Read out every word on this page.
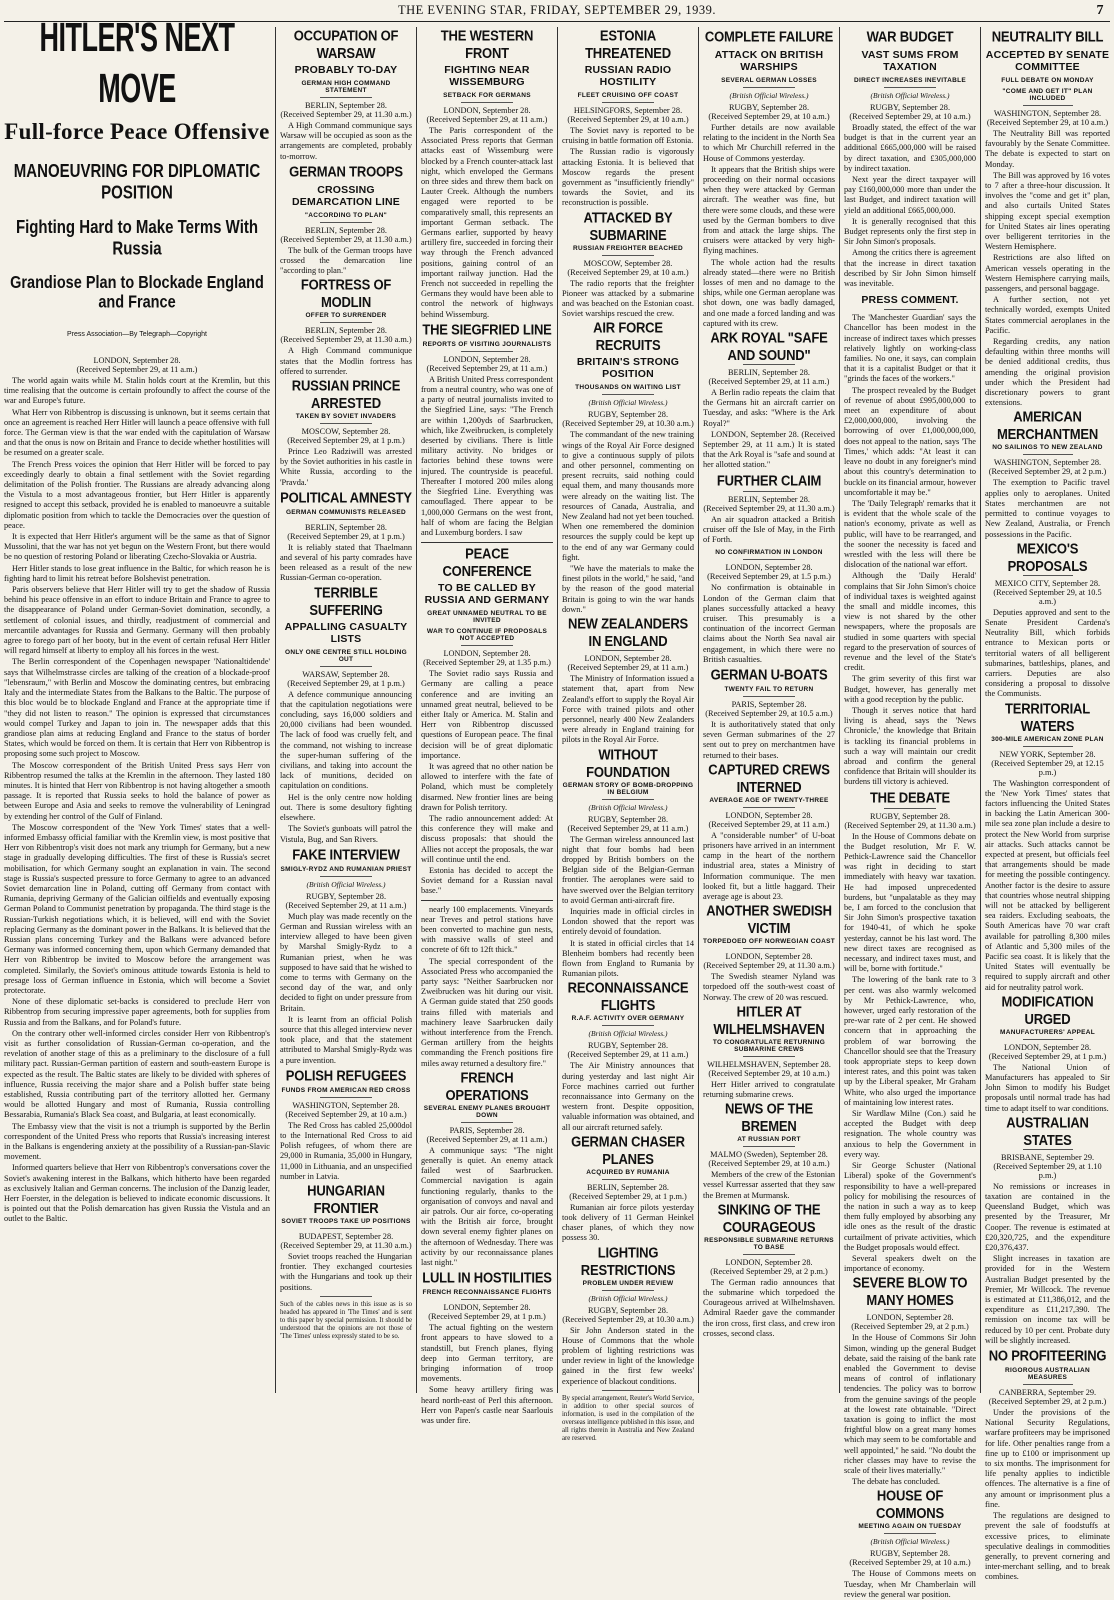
THE EVENING STAR, FRIDAY, SEPTEMBER 29, 1939.	7
HITLER'S NEXT MOVE
Full-force Peace Offensive
MANOEUVRING FOR DIPLOMATIC POSITION
Fighting Hard to Make Terms With Russia
Grandiose Plan to Blockade England and France
Press Association—By Telegraph—Copyright
LONDON, September 28.
(Received September 29, at 11 a.m.)

The world again waits while M. Stalin holds court at the Kremlin, but this time realising that the outcome is certain profoundly to affect the course of the war and Europe's future.

What Herr von Ribbentrop is discussing is unknown, but it seems certain that once an agreement is reached Herr Hitler will launch a peace offensive with full force. The German view is that the war ended with the capitulation of Warsaw and that the onus is now on Britain and France to decide whether hostilities will be resumed on a greater scale.

The French Press voices the opinion that Herr Hitler will be forced to pay exceedingly dearly to obtain a final settlement with the Soviet regarding delimitation of the Polish frontier. The Russians are already advancing along the Vistula to a most advantageous frontier, but Herr Hitler is apparently resigned to accept this setback, provided he is enabled to manoeuvre a suitable diplomatic position from which to tackle the Democracies over the question of peace.

It is expected that Herr Hitler's argument will be the same as that of Signor Mussolini, that the war has not yet begun on the Western Front, but there would be no question of restoring Poland or liberating Czecho-Slovakia or Austria.

Herr Hitler stands to lose great influence in the Baltic, for which reason he is fighting hard to limit his retreat before Bolshevist penetration.

Paris observers believe that Herr Hitler will try to get the shadow of Russia behind his peace offensive in an effort to induce Britain and France to agree to the disappearance of Poland under German-Soviet domination, secondly, a settlement of colonial issues, and thirdly, readjustment of commercial and mercantile advantages for Russia and Germany. Germany will then probably agree to forego part of her booty, but in the event of certain refusal Herr Hitler will regard himself at liberty to employ all his forces in the west.

The Berlin correspondent of the Copenhagen newspaper 'Nationaltidende' says that Wilhelmstrasse circles are talking of the creation of a blockade-proof "lebensraum," with Berlin and Moscow the dominating centres, but embracing Italy and the intermediate States from the Balkans to the Baltic. The purpose of this bloc would be to blockade England and France at the appropriate time if "they did not listen to reason." The opinion is expressed that circumstances would compel Turkey and Japan to join in. The newspaper adds that this grandiose plan aims at reducing England and France to the status of border States, which would be forced on them. It is certain that Herr von Ribbentrop is proposing some such project to Moscow.

The Moscow correspondent of the British United Press says Herr von Ribbentrop resumed the talks at the Kremlin in the afternoon. They lasted 180 minutes. It is hinted that Herr von Ribbentrop is not having altogether a smooth passage. It is reported that Russia seeks to hold the balance of power as between Europe and Asia and seeks to remove the vulnerability of Leningrad by extending her control of the Gulf of Finland.

The Moscow correspondent of the 'New York Times' states that a well-informed Embassy official familiar with the Kremlin view, is most positive that Herr von Ribbentrop's visit does not mark any triumph for Germany, but a new stage in gradually developing difficulties. The first of these is Russia's secret mobilisation, for which Germany sought an explanation in vain. The second stage is Russia's suspected pressure to force Germany to agree to an advanced Soviet demarcation line in Poland, cutting off Germany from contact with Rumania, depriving Germany of the Galician oilfields and eventually exposing German Poland to Communist penetration by propaganda. The third stage is the Russian-Turkish negotiations which, it is believed, will end with the Soviet replacing Germany as the dominant power in the Balkans. It is believed that the Russian plans concerning Turkey and the Balkans were advanced before Germany was informed concerning them, upon which Germany demanded that Herr von Ribbentrop be invited to Moscow before the arrangement was completed. Similarly, the Soviet's ominous attitude towards Estonia is held to presage loss of German influence in Estonia, which will become a Soviet protectorate.

None of these diplomatic set-backs is considered to preclude Herr von Ribbentrop from securing impressive paper agreements, both for supplies from Russia and from the Balkans, and for Poland's future.

On the contrary other well-informed circles consider Herr von Ribbentrop's visit as further consolidation of Russian-German co-operation, and the revelation of another stage of this as a preliminary to the disclosure of a full military pact. Russian-German partition of eastern and south-eastern Europe is expected as the result. The Baltic states are likely to be divided with spheres of influence, Russia receiving the major share and a Polish buffer state being established, Russia contributing part of the territory allotted her. Germany would be allotted Hungary and most of Rumania, Russia controlling Bessarabia, Rumania's Black Sea coast, and Bulgaria, at least economically.

The Embassy view that the visit is not a triumph is supported by the Berlin correspondent of the United Press who reports that Russia's increasing interest in the Balkans is engendering anxiety at the possibility of a Russian-pan-Slavic movement.

Informed quarters believe that Herr von Ribbentrop's conversations cover the Soviet's awakening interest in the Balkans, which hitherto have been regarded as exclusively Italian and German concerns. The inclusion of the Danzig leader, Herr Foerster, in the delegation is believed to indicate economic discussions. It is pointed out that the Polish demarcation has given Russia the Vistula and an outlet to the Baltic.

OCCUPATION OF WARSAW
PROBABLY TO-DAY
GERMAN HIGH COMMAND STATEMENT
BERLIN, September 28.
(Received September 29, at 11.30 a.m.)

A High Command communique says Warsaw will be occupied as soon as the arrangements are completed, probably to-morrow.

GERMAN TROOPS
CROSSING DEMARCATION LINE
"ACCORDING TO PLAN"
BERLIN, September 28.
(Received September 29, at 11.30 a.m.)

The bulk of the German troops have crossed the demarcation line "according to plan."

FORTRESS OF MODLIN
OFFER TO SURRENDER
BERLIN, September 28.
(Received September 29, at 11.30 a.m.)

A High Command communique states that the Modlin fortress has offered to surrender.

RUSSIAN PRINCE ARRESTED
TAKEN BY SOVIET INVADERS
MOSCOW, September 28.
(Received September 29, at 1 p.m.)

Prince Leo Radziwill was arrested by the Soviet authorities in his castle in White Russia, according to the 'Pravda.'

POLITICAL AMNESTY
GERMAN COMMUNISTS RELEASED
BERLIN, September 28.
(Received September 29, at 1 p.m.)

It is reliably stated that Thaelmann and several of his party comrades have been released as a result of the new Russian-German co-operation.

TERRIBLE SUFFERING
APPALLING CASUALTY LISTS
ONLY ONE CENTRE STILL HOLDING OUT
WARSAW, September 28.
(Received September 29, at 1 p.m.)

A defence communique announcing that the capitulation negotiations were concluding, says 16,000 soldiers and 20,000 civilians had been wounded. The lack of food was cruelly felt, and the command, not wishing to increase the super-human suffering of the civilians, and taking into account the lack of munitions, decided on capitulation on conditions.

Hel is the only centre now holding out. There is some desultory fighting elsewhere.

The Soviet's gunboats will patrol the Vistula, Bug, and San Rivers.

FAKE INTERVIEW
SMIGLY-RYDZ AND RUMANIAN PRIEST
(British Official Wireless.)
RUGBY, September 28.
(Received September 29, at 11 a.m.)

Much play was made recently on the German and Russian wireless with an interview alleged to have been given by Marshal Smigly-Rydz to a Rumanian priest, when he was supposed to have said that he wished to come to terms with Germany on the second day of the war, and only decided to fight on under pressure from Britain.

It is learnt from an official Polish source that this alleged interview never took place, and that the statement attributed to Marshal Smigly-Rydz was a pure invention.

POLISH REFUGEES
FUNDS FROM AMERICAN RED CROSS
WASHINGTON, September 28.
(Received September 29, at 10 a.m.)

The Red Cross has cabled 25,000dol to the International Red Cross to aid Polish refugees, of whom there are 29,000 in Rumania, 35,000 in Hungary, 11,000 in Lithuania, and an unspecified number in Latvia.

HUNGARIAN FRONTIER
SOVIET TROOPS TAKE UP POSITIONS
BUDAPEST, September 28.
(Received September 29, at 11.30 a.m.)

Soviet troops reached the Hungarian frontier. They exchanged courtesies with the Hungarians and took up their positions.

Such of the cables news in this issue as is so headed has appeared in 'The Times' and is sent to this paper by special permission. It should be understood that the opinions are not those of 'The Times' unless expressly stated to be so.
THE WESTERN FRONT
FIGHTING NEAR WISSEMBURG
SETBACK FOR GERMANS
LONDON, September 28.
(Received September 29, at 11 a.m.)

The Paris correspondent of the Associated Press reports that German attacks east of Wissemburg were blocked by a French counter-attack last night, which enveloped the Germans on three sides and threw them back on Lauter Creek. Although the numbers engaged were reported to be comparatively small, this represents an important German setback. The Germans earlier, supported by heavy artillery fire, succeeded in forcing their way through the French advanced positions, gaining control of an important railway junction. Had the French not succeeded in repelling the Germans they would have been able to control the network of highways behind Wissemburg.

THE SIEGFRIED LINE
REPORTS OF VISITING JOURNALISTS
LONDON, September 28.
(Received September 29, at 11 a.m.)

A British United Press correspondent from a neutral country, who was one of a party of neutral journalists invited to the Siegfried Line, says: "The French are within 1,200yds of Saarbrucken, which, like Zweibrucken, is completely deserted by civilians. There is little military activity. No bridges or factories behind these towns were injured. The countryside is peaceful. Thereafter I motored 200 miles along the Siegfried Line. Everything was camouflaged. There appear to be 1,000,000 Germans on the west front, half of whom are facing the Belgian and Luxemburg borders. I saw

PEACE CONFERENCE
TO BE CALLED BY RUSSIA AND GERMANY
GREAT UNNAMED NEUTRAL TO BE INVITED
WAR TO CONTINUE IF PROPOSALS NOT ACCEPTED
LONDON, September 28.
(Received September 29, at 1.35 p.m.)

The Soviet radio says Russia and Germany are calling a peace conference and are inviting an unnamed great neutral, believed to be either Italy or America. M. Stalin and Herr von Ribbentrop discussed questions of European peace. The final decision will be of great diplomatic importance.

It was agreed that no other nation be allowed to interfere with the fate of Poland, which must be completely disarmed. New frontier lines are being drawn for Polish territory.

The radio announcement added: At this conference they will make and discuss proposals: that should the Allies not accept the proposals, the war will continue until the end.

Estonia has decided to accept the Soviet demand for a Russian naval base."

nearly 100 emplacements. Vineyards near Treves and petrol stations have been converted to machine gun nests, with massive walls of steel and concrete of 6ft to 12ft thick."

The special correspondent of the Associated Press who accompanied the party says: "Neither Saarbrucken nor Zweibrucken was hit during our visit. A German guide stated that 250 goods trains filled with materials and machinery leave Saarbrucken daily without interference from the French. German artillery from the heights commanding the French positions fire miles away returned a desultory fire."

FRENCH OPERATIONS
SEVERAL ENEMY PLANES BROUGHT DOWN
PARIS, September 28.
(Received September 29, at 11 a.m.)

A communique says: "The night generally is quiet. An enemy attack failed west of Saarbrucken. Commercial navigation is again functioning regularly, thanks to the organisation of convoys and naval and air patrols. Our air force, co-operating with the British air force, brought down several enemy fighter planes on the afternoon of Wednesday. There was activity by our reconnaissance planes last night."

LULL IN HOSTILITIES
FRENCH RECONNAISSANCE FLIGHTS
LONDON, September 28.
(Received September 29, at 1 p.m.)

The actual fighting on the western front appears to have slowed to a standstill, but French planes, flying deep into German territory, are bringing information of troop movements.

Some heavy artillery firing was heard north-east of Perl this afternoon. Herr von Papen's castle near Saarlouis was under fire.

ESTONIA THREATENED
RUSSIAN RADIO HOSTILITY
FLEET CRUISING OFF COAST
HELSINGFORS, September 28.
(Received September 29, at 10 a.m.)

The Soviet navy is reported to be cruising in battle formation off Estonia.

The Russian radio is vigorously attacking Estonia. It is believed that Moscow regards the present government as "insufficiently friendly" towards the Soviet, and its reconstruction is possible.

ATTACKED BY SUBMARINE
RUSSIAN FREIGHTER BEACHED
MOSCOW, September 28.
(Received September 29, at 10 a.m.)

The radio reports that the freighter Pioneer was attacked by a submarine and was beached on the Estonian coast. Soviet warships rescued the crew.

AIR FORCE RECRUITS
BRITAIN'S STRONG POSITION
THOUSANDS ON WAITING LIST
(British Official Wireless.)
RUGBY, September 28.
(Received September 29, at 10.30 a.m.)

The commandant of the new training wings of the Royal Air Force designed to give a continuous supply of pilots and other personnel, commenting on present recruits, said nothing could equal them, and many thousands more were already on the waiting list. The resources of Canada, Australia, and New Zealand had not yet been touched. When one remembered the dominion resources the supply could be kept up to the end of any war Germany could fight.

"We have the materials to make the finest pilots in the world," he said, "and by the reason of the good material Britain is going to win the war hands down."

NEW ZEALANDERS IN ENGLAND
LONDON, September 28.
(Received September 29, at 11 a.m.)

The Ministry of Information issued a statement that, apart from New Zealand's effort to supply the Royal Air Force with trained pilots and other personnel, nearly 400 New Zealanders were already in England training for pilots in the Royal Air Force.

WITHOUT FOUNDATION
GERMAN STORY OF BOMB-DROPPING IN BELGIUM
(British Official Wireless.)
RUGBY, September 28.
(Received September 29, at 11 a.m.)

The German wireless announced last night that four bombs had been dropped by British bombers on the Belgian side of the Belgian-German frontier. The aeroplanes were said to have swerved over the Belgian territory to avoid German anti-aircraft fire.

Inquiries made in official circles in London showed that the report was entirely devoid of foundation.

It is stated in official circles that 14 Blenheim bombers had recently been flown from England to Rumania by Rumanian pilots.

RECONNAISSANCE FLIGHTS
R.A.F. ACTIVITY OVER GERMANY
(British Official Wireless.)
RUGBY, September 28.
(Received September 29, at 11 a.m.)

The Air Ministry announces that during yesterday and last night Air Force machines carried out further reconnaissance into Germany on the western front. Despite opposition, valuable information was obtained, and all our aircraft returned safely.

GERMAN CHASER PLANES
ACQUIRED BY RUMANIA
BERLIN, September 28.
(Received September 29, at 1 p.m.)

Rumanian air force pilots yesterday took delivery of 11 German Heinkel chaser planes, of which they now possess 30.

LIGHTING RESTRICTIONS
PROBLEM UNDER REVIEW
(British Official Wireless.)
RUGBY, September 28.
(Received September 29, at 10.30 a.m.)

Sir John Anderson stated in the House of Commons that the whole problem of lighting restrictions was under review in light of the knowledge gained in the first few weeks' experience of blackout conditions.

By special arrangement, Reuter's World Service, in addition to other special sources of information, is used in the compilation of the overseas intelligence published in this issue, and all rights therein in Australia and New Zealand are reserved.
COMPLETE FAILURE
ATTACK ON BRITISH WARSHIPS
SEVERAL GERMAN LOSSES
(British Official Wireless.)
RUGBY, September 28.
(Received September 29, at 10 a.m.)

Further details are now available relating to the incident in the North Sea to which Mr Churchill referred in the House of Commons yesterday.

It appears that the British ships were proceeding on their normal occasions when they were attacked by German aircraft. The weather was fine, but there were some clouds, and these were used by the German bombers to dive from and attack the large ships. The cruisers were attacked by very high-flying machines.

The whole action had the results already stated—there were no British losses of men and no damage to the ships, while one German aeroplane was shot down, one was badly damaged, and one made a forced landing and was captured with its crew.

ARK ROYAL "SAFE AND SOUND"
BERLIN, September 28.
(Received September 29, at 11 a.m.)

A Berlin radio repeats the claim that the Germans hit an aircraft carrier on Tuesday, and asks: "Where is the Ark Royal?"

LONDON, September 28. (Received September 29, at 11 a.m.) It is stated that the Ark Royal is "safe and sound at her allotted station."

FURTHER CLAIM
BERLIN, September 28.
(Received September 29, at 11.30 a.m.)

An air squadron attacked a British cruiser off the Isle of May, in the Firth of Forth.

NO CONFIRMATION IN LONDON
LONDON, September 28.
(Received September 29, at 1.5 p.m.)

No confirmation is obtainable in London of the German claim that planes successfully attacked a heavy cruiser. This presumably is a continuation of the incorrect German claims about the North Sea naval air engagement, in which there were no British casualties.

GERMAN U-BOATS
TWENTY FAIL TO RETURN
PARIS, September 28.
(Received September 29, at 10.5 a.m.)

It is authoritatively stated that only seven German submarines of the 27 sent out to prey on merchantmen have returned to their bases.

CAPTURED CREWS INTERNED
AVERAGE AGE OF TWENTY-THREE
LONDON, September 28.
(Received September 29, at 11 a.m.)

A "considerable number" of U-boat prisoners have arrived in an internment camp in the heart of the northern industrial area, states a Ministry of Information communique. The men looked fit, but a little haggard. Their average age is about 23.

ANOTHER SWEDISH VICTIM
TORPEDOED OFF NORWEGIAN COAST
LONDON, September 28.
(Received September 29, at 11.30 a.m.)

The Swedish steamer Nyland was torpedoed off the south-west coast of Norway. The crew of 20 was rescued.

HITLER AT WILHELMSHAVEN
TO CONGRATULATE RETURNING SUBMARINE CREWS
WILHELMSHAVEN, September 28.
(Received September 29, at 10 a.m.)

Herr Hitler arrived to congratulate returning submarine crews.

NEWS OF THE BREMEN
AT RUSSIAN PORT
MALMO (Sweden), September 28.
(Received September 29, at 10 a.m.)

Members of the crew of the Estonian vessel Kurressar asserted that they saw the Bremen at Murmansk.

SINKING OF THE COURAGEOUS
RESPONSIBLE SUBMARINE RETURNS TO BASE
LONDON, September 28.
(Received September 29, at 2 p.m.)

The German radio announces that the submarine which torpedoed the Courageous arrived at Wilhelmshaven. Admiral Raeder gave the commander the iron cross, first class, and crew iron crosses, second class.

WAR BUDGET
VAST SUMS FROM TAXATION
DIRECT INCREASES INEVITABLE
(British Official Wireless.)
RUGBY, September 28.
(Received September 29, at 10 a.m.)

Broadly stated, the effect of the war budget is that in the current year an additional £665,000,000 will be raised by direct taxation, and £305,000,000 by indirect taxation.

Next year the direct taxpayer will pay £160,000,000 more than under the last Budget, and indirect taxation will yield an additional £665,000,000.

It is generally recognised that this Budget represents only the first step in Sir John Simon's proposals.

Among the critics there is agreement that the increase in direct taxation described by Sir John Simon himself was inevitable.

PRESS COMMENT.

The 'Manchester Guardian' says the Chancellor has been modest in the increase of indirect taxes which presses relatively lightly on working-class families. No one, it says, can complain that it is a capitalist Budget or that it "grinds the faces of the workers."

The prospect revealed by the Budget of revenue of about £995,000,000 to meet an expenditure of about £2,000,000,000, involving the borrowing of over £1,000,000,000, does not appeal to the nation, says 'The Times,' which adds: "At least it can leave no doubt in any foreigner's mind about this country's determination to buckle on its financial armour, however uncomfortable it may be."

The 'Daily Telegraph' remarks that it is evident that the whole scale of the nation's economy, private as well as public, will have to be rearranged, and the sooner the necessity is faced and wrestled with the less will there be dislocation of the national war effort.

Although the 'Daily Herald' complains that Sir John Simon's choice of individual taxes is weighted against the small and middle incomes, this view is not shared by the other newspapers, where the proposals are studied in some quarters with special regard to the preservation of sources of revenue and the level of the State's credit.

The grim severity of this first war Budget, however, has generally met with a good reception by the public.

Though it serves notice that hard living is ahead, says the 'News Chronicle,' the knowledge that Britain is tackling its financial problems in such a way will maintain our credit abroad and confirm the general confidence that Britain will shoulder its burdens till victory is achieved.

THE DEBATE
RUGBY, September 28.
(Received September 29, at 11.30 a.m.)

In the House of Commons debate on the Budget resolution, Mr F. W. Pethick-Lawrence said the Chancellor was right in deciding to start immediately with heavy war taxation. He had imposed unprecedented burdens, but "unpalatable as they may be, I am forced to the conclusion that Sir John Simon's prospective taxation for 1940-41, of which he spoke yesterday, cannot be his last word. The new direct taxes are recognised as necessary, and indirect taxes must, and will be, borne with fortitude."

The lowering of the bank rate to 3 per cent. was also warmly welcomed by Mr Pethick-Lawrence, who, however, urged early restoration of the pre-war rate of 2 per cent. He showed concern that in approaching the problem of war borrowing the Chancellor should see that the Treasury took appropriate steps to keep down interest rates, and this point was taken up by the Liberal speaker, Mr Graham White, who also urged the importance of maintaining low interest rates.

Sir Wardlaw Milne (Con.) said he accepted the Budget with deep resignation. The whole country was anxious to help the Government in every way.

Sir George Schuster (National Liberal) spoke of the Government's responsibility to have a well-prepared policy for mobilising the resources of the nation in such a way as to keep them fully employed by absorbing any idle ones as the result of the drastic curtailment of private activities, which the Budget proposals would effect.

Several speakers dwelt on the importance of economy.

SEVERE BLOW TO MANY HOMES
LONDON, September 28.
(Received September 29, at 2 p.m.)

In the House of Commons Sir John Simon, winding up the general Budget debate, said the raising of the bank rate enabled the Government to devise means of control of inflationary tendencies. The policy was to borrow from the genuine savings of the people at the lowest rate obtainable. "Direct taxation is going to inflict the most frightful blow on a great many homes which may seem to be comfortable and well appointed," he said. "No doubt the richer classes may have to revise the scale of their lives materially."

The debate has concluded.

HOUSE OF COMMONS
MEETING AGAIN ON TUESDAY
(British Official Wireless.)
RUGBY, September 28.
(Received September 29, at 10 a.m.)

The House of Commons meets on Tuesday, when Mr Chamberlain will review the general war position.

NEUTRALITY BILL
ACCEPTED BY SENATE COMMITTEE
FULL DEBATE ON MONDAY
"COME AND GET IT" PLAN INCLUDED
WASHINGTON, September 28.
(Received September 29, at 10 a.m.)

The Neutrality Bill was reported favourably by the Senate Committee. The debate is expected to start on Monday.

The Bill was approved by 16 votes to 7 after a three-hour discussion. It involves the "come and get it" plan, and also curtails United States shipping except special exemption for United States air lines operating over belligerent territories in the Western Hemisphere.

Restrictions are also lifted on American vessels operating in the Western Hemisphere carrying mails, passengers, and personal baggage.

A further section, not yet technically worded, exempts United States commercial aeroplanes in the Pacific.

Regarding credits, any nation defaulting within three months will be denied additional credits, thus amending the original provision under which the President had discretionary powers to grant extensions.

AMERICAN MERCHANTMEN
NO SAILINGS TO NEW ZEALAND
WASHINGTON, September 28.
(Received September 29, at 2 p.m.)

The exemption to Pacific travel applies only to aeroplanes. United States merchantmen are not permitted to continue voyages to New Zealand, Australia, or French possessions in the Pacific.

MEXICO'S PROPOSALS
MEXICO CITY, September 28.
(Received September 29, at 10.5 a.m.)

Deputies approved and sent to the Senate President Cardena's Neutrality Bill, which forbids entrance to Mexican ports or territorial waters of all belligerent submarines, battleships, planes, and carriers. Deputies are also considering a proposal to dissolve the Communists.

TERRITORIAL WATERS
300-MILE AMERICAN ZONE PLAN
NEW YORK, September 28.
(Received September 29, at 12.15 p.m.)

The Washington correspondent of the 'New York Times' states that factors influencing the United States in backing the Latin American 300-mile sea zone plan include a desire to protect the New World from surprise air attacks. Such attacks cannot be expected at present, but officials feel that arrangements should be made for meeting the possible contingency. Another factor is the desire to assure that countries whose neutral shipping will not be attacked by belligerent sea raiders. Excluding seaboats, the South Americas have 70 war craft available for patrolling 8,300 miles of Atlantic and 5,300 miles of the Pacific sea coast. It is likely that the United States will eventually be required to supply aircraft and other aid for neutrality patrol work.

MODIFICATION URGED
MANUFACTURERS' APPEAL
LONDON, September 28.
(Received September 29, at 1 p.m.)

The National Union of Manufacturers has appealed to Sir John Simon to modify his Budget proposals until normal trade has had time to adapt itself to war conditions.

AUSTRALIAN STATES
BRISBANE, September 29.
(Received September 29, at 1.10 p.m.)

No remissions or increases in taxation are contained in the Queensland Budget, which was presented by the Treasurer, Mr Cooper. The revenue is estimated at £20,320,725, and the expenditure £20,376,437.

Slight increases in taxation are provided for in the Western Australian Budget presented by the Premier, Mr Willcock. The revenue is estimated at £11,386,012, and the expenditure as £11,217,390. The remission on income tax will be reduced by 10 per cent. Probate duty will be slightly increased.

NO PROFITEERING
RIGOROUS AUSTRALIAN MEASURES
CANBERRA, September 29.
(Received September 29, at 2 p.m.)

Under the provisions of the National Security Regulations, warfare profiteers may be imprisoned for life. Other penalties range from a fine up to £100 or imprisonment up to six months. The imprisonment for life penalty applies to indictible offences. The alternative is a fine of any amount or imprisonment plus a fine.

The regulations are designed to prevent the sale of foodstuffs at excessive prices, to eliminate speculative dealings in commodities generally, to prevent cornering and inter-merchant selling, and to break combines.
